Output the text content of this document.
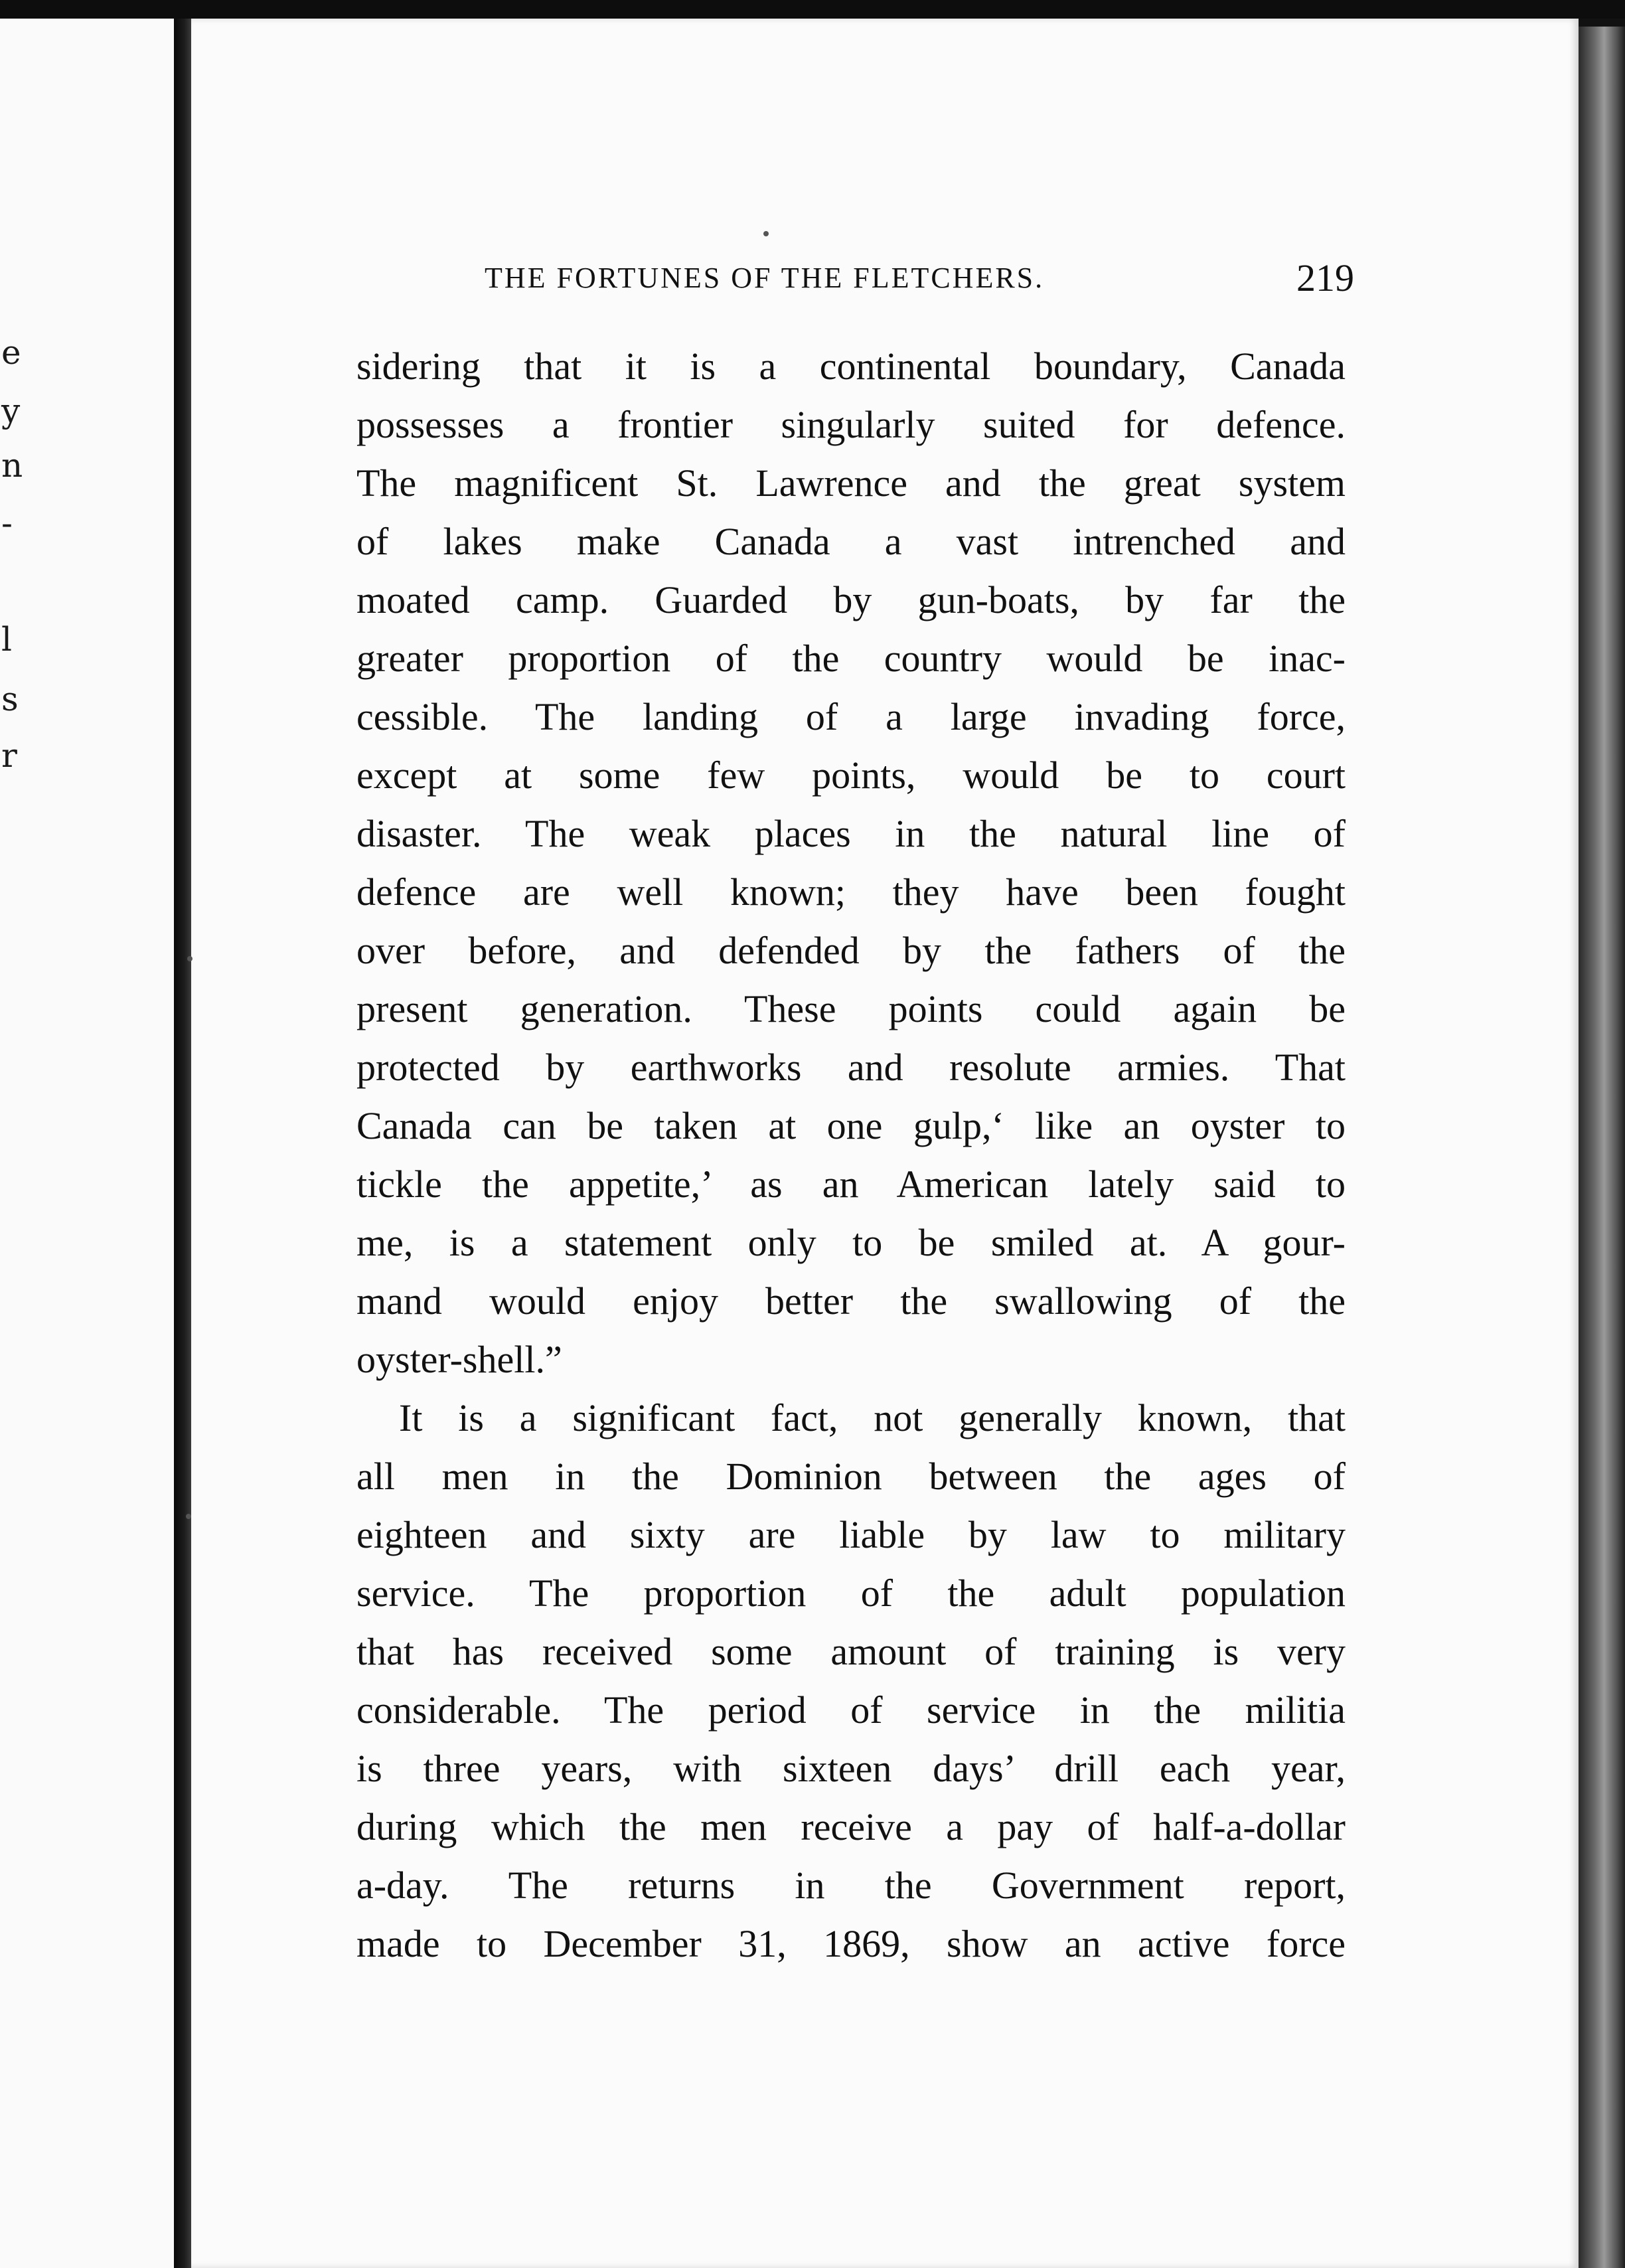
e
y
n
-
l
s
r
THE FORTUNES OF THE FLETCHERS.	219
sidering that it is a continental boundary, Canada
possesses a frontier singularly suited for defence.
The magnificent St. Lawrence and the great system
of lakes make Canada a vast intrenched and
moated camp. Guarded by gun-boats, by far the
greater proportion of the country would be inac-
cessible. The landing of a large invading force,
except at some few points, would be to court
disaster. The weak places in the natural line of
defence are well known; they have been fought
over before, and defended by the fathers of the
present generation. These points could again be
protected by earthworks and resolute armies. That
Canada can be taken at one gulp,‘ like an oyster to
tickle the appetite,’ as an American lately said to
me, is a statement only to be smiled at. A gour-
mand would enjoy better the swallowing of the
oyster-shell.”
It is a significant fact, not generally known, that
all men in the Dominion between the ages of
eighteen and sixty are liable by law to military
service. The proportion of the adult population
that has received some amount of training is very
considerable. The period of service in the militia
is three years, with sixteen days’ drill each year,
during which the men receive a pay of half-a-dollar
a-day. The returns in the Government report,
made to December 31, 1869, show an active force
